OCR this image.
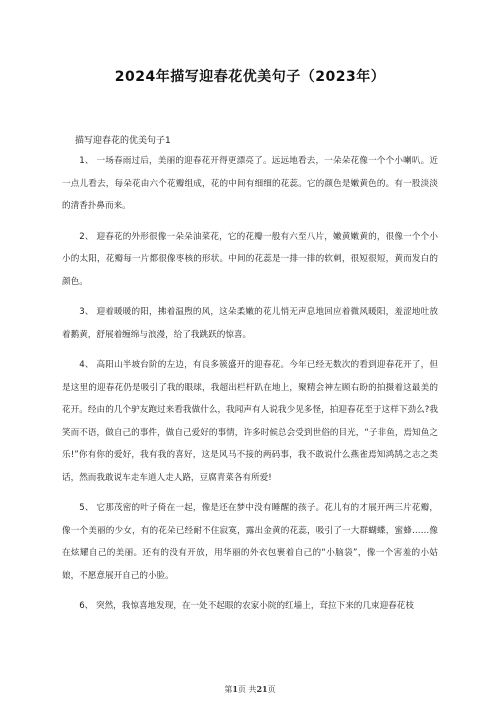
2024年描写迎春花优美句子（2023年）
描写迎春花的优美句子1

1、 一场春雨过后，美丽的迎春花开得更漂亮了。远远地看去，一朵朵花像一个个小喇叭。近一点儿看去，每朵花由六个花瓣组成，花的中间有细细的花蕊。它的颜色是嫩黄色的。有一股淡淡的清香扑鼻而来。

2、 迎春花的外形很像一朵朵油菜花，它的花瓣一般有六至八片，嫩黄嫩黄的，很像一个个小小的太阳，花瓣每一片都很像枣核的形状。中间的花蕊是一排一排的软刺，很短很短，黄而发白的颜色。

3、 迎着暖暖的阳，拂着温煦的风，这朵柔嫩的花儿悄无声息地回应着微风暖阳，羞涩地吐放着鹅黄，舒展着缠绵与浪漫，给了我跳跃的惊喜。

4、 高阳山半坡台阶的左边，有良多簇盛开的迎春花。今年已经无数次的看到迎春花开了，但是这里的迎春花仍是吸引了我的眼球，我超出栏杆趴在地上，聚精会神左顾右盼的拍摄着这最美的花开。经由的几个驴友跑过来看我做什么，我闻声有人说我少见多怪，拍迎春花至于这样下劲么?我笑而不语，做自己的事件，做自己爱好的事情，许多时候总会受到世俗的目光，“子非鱼，焉知鱼之乐!”你有你的爱好，我有我的喜好，这是风马不接的两码事，我不敢说什么燕雀焉知鸿鹄之志之类话，然而我敢说车走车道人走人路，豆腐青菜各有所爱!

5、 它那茂密的叶子倚在一起，像是还在梦中没有睡醒的孩子。花儿有的才展开两三片花瓣，像一个美丽的少女，有的花朵已经耐不住寂寞，露出金黄的花蕊，吸引了一大群蝴蝶，蜜蜂……像在炫耀自己的美丽。还有的没有开放，用华丽的外衣包裹着自己的“小脑袋”，像一个害羞的小姑娘，不愿意展开自己的小脸。

6、 突然，我惊喜地发现，在一处不起眼的农家小院的红墙上，耷拉下来的几束迎春花枝

第1页 共21页
